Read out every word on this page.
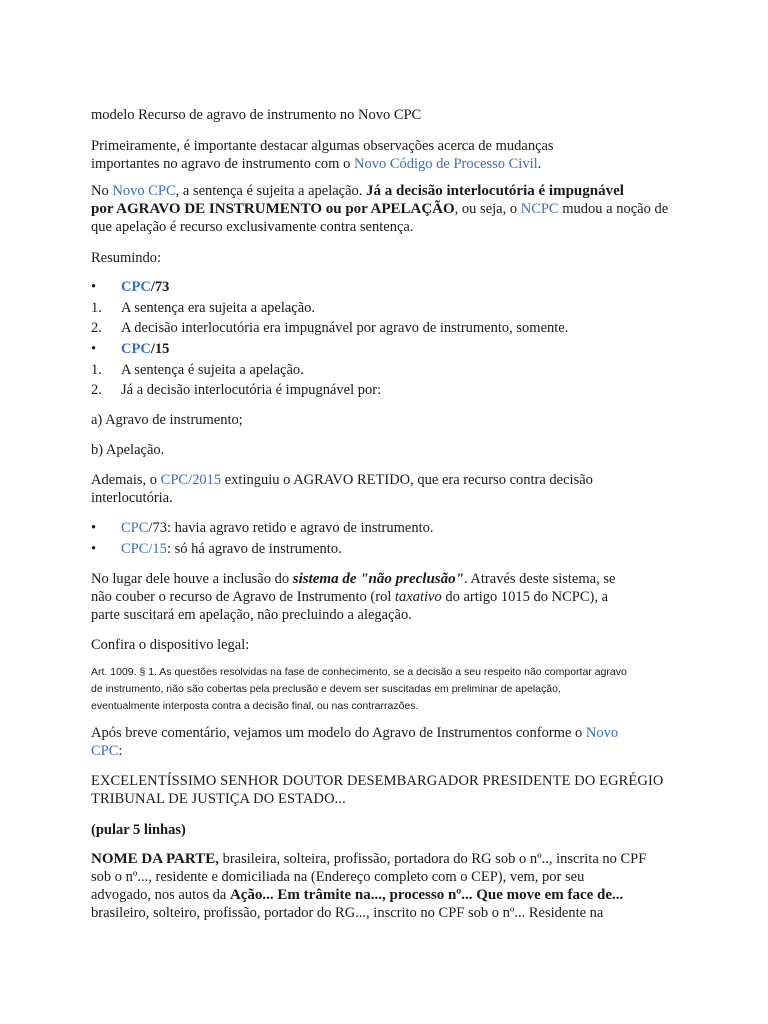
modelo Recurso de agravo de instrumento no Novo CPC

Primeiramente, é importante destacar algumas observações acerca de mudanças

importantes no agravo de instrumento com o Novo Código de Processo Civil.

No Novo CPC, a sentença é sujeita a apelação. Já a decisão interlocutória é impugnável

por AGRAVO DE INSTRUMENTO ou por APELAÇÃO, ou seja, o NCPC mudou a noção de

que apelação é recurso exclusivamente contra sentença.

Resumindo:
• CPC/73
1. A sentença era sujeita a apelação.
2. A decisão interlocutória era impugnável por agravo de instrumento, somente.
• CPC/15
1. A sentença é sujeita a apelação.
2. Já a decisão interlocutória é impugnável por:
a) Agravo de instrumento;
b) Apelação.

Ademais, o CPC/2015 extinguiu o AGRAVO RETIDO, que era recurso contra decisão

interlocutória.

• CPC/73: havia agravo retido e agravo de instrumento.
• CPC/15: só há agravo de instrumento.

No lugar dele houve a inclusão do sistema de "não preclusão". Através deste sistema, se

não couber o recurso de Agravo de Instrumento (rol taxativo do artigo 1015 do NCPC), a

parte suscitará em apelação, não precluindo a alegação.

Confira o dispositivo legal:

Art. 1009. § 1. As questões resolvidas na fase de conhecimento, se a decisão a seu respeito não comportar agravo

de instrumento, não são cobertas pela preclusão e devem ser suscitadas em preliminar de apelação,

eventualmente interposta contra a decisão final, ou nas contrarrazões.

Após breve comentário, vejamos um modelo do Agravo de Instrumentos conforme o Novo

CPC:

EXCELENTÍSSIMO SENHOR DOUTOR DESEMBARGADOR PRESIDENTE DO EGRÉGIO

TRIBUNAL DE JUSTIÇA DO ESTADO...

(pular 5 linhas)

NOME DA PARTE, brasileira, solteira, profissão, portadora do RG sob o nº.., inscrita no CPF

sob o nº..., residente e domiciliada na (Endereço completo com o CEP), vem, por seu

advogado, nos autos da Ação... Em trâmite na..., processo nº... Que move em face de...

brasileiro, solteiro, profissão, portador do RG..., inscrito no CPF sob o nº... Residente na
